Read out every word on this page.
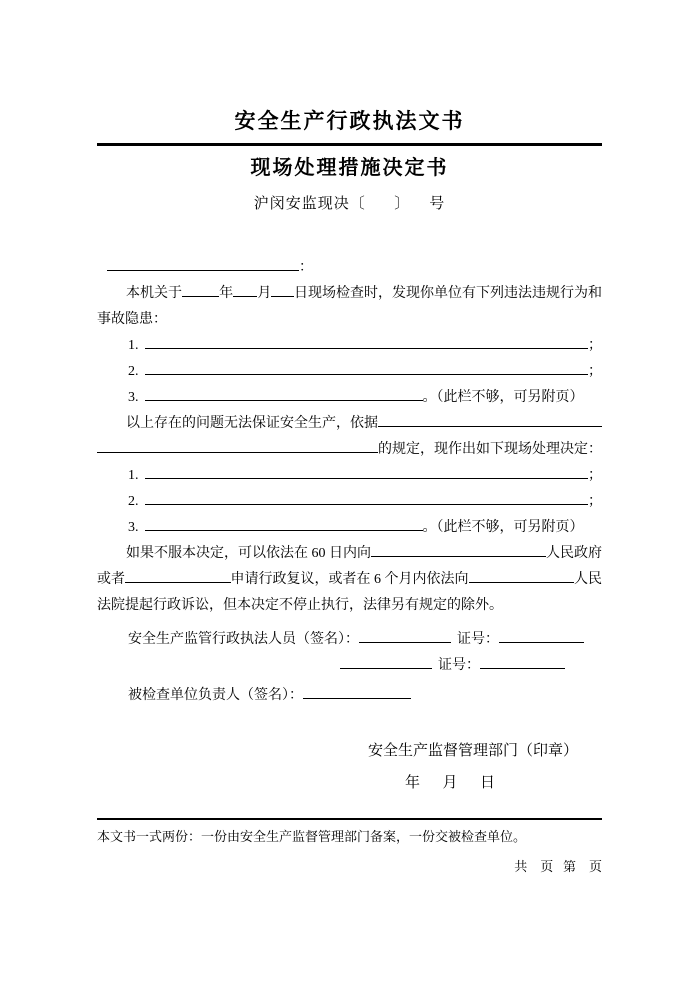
安全生产行政执法文书
现场处理措施决定书
沪闵安监现决〔      〕    号
：
本机关于	年 月 日现场检查时，发现你单位有下列违法违规行为和
事故隐患：
1.	；
2.	；
3.	。（此栏不够，可另附页）
以上存在的问题无法保证安全生产，依据
的规定，现作出如下现场处理决定：
1.	；
2.	；
3.	。（此栏不够，可另附页）
如果不服本决定，可以依法在 60 日内向	人民政府
或者	申请行政复议，或者在 6 个月内依法向	人民
法院提起行政诉讼，但本决定不停止执行，法律另有规定的除外。
安全生产监管行政执法人员（签名）：	证号：
证号：
被检查单位负责人（签名）：
安全生产监督管理部门（印章）
年      月      日
本文书一式两份：一份由安全生产监督管理部门备案，一份交被检查单位。
共    页   第    页
